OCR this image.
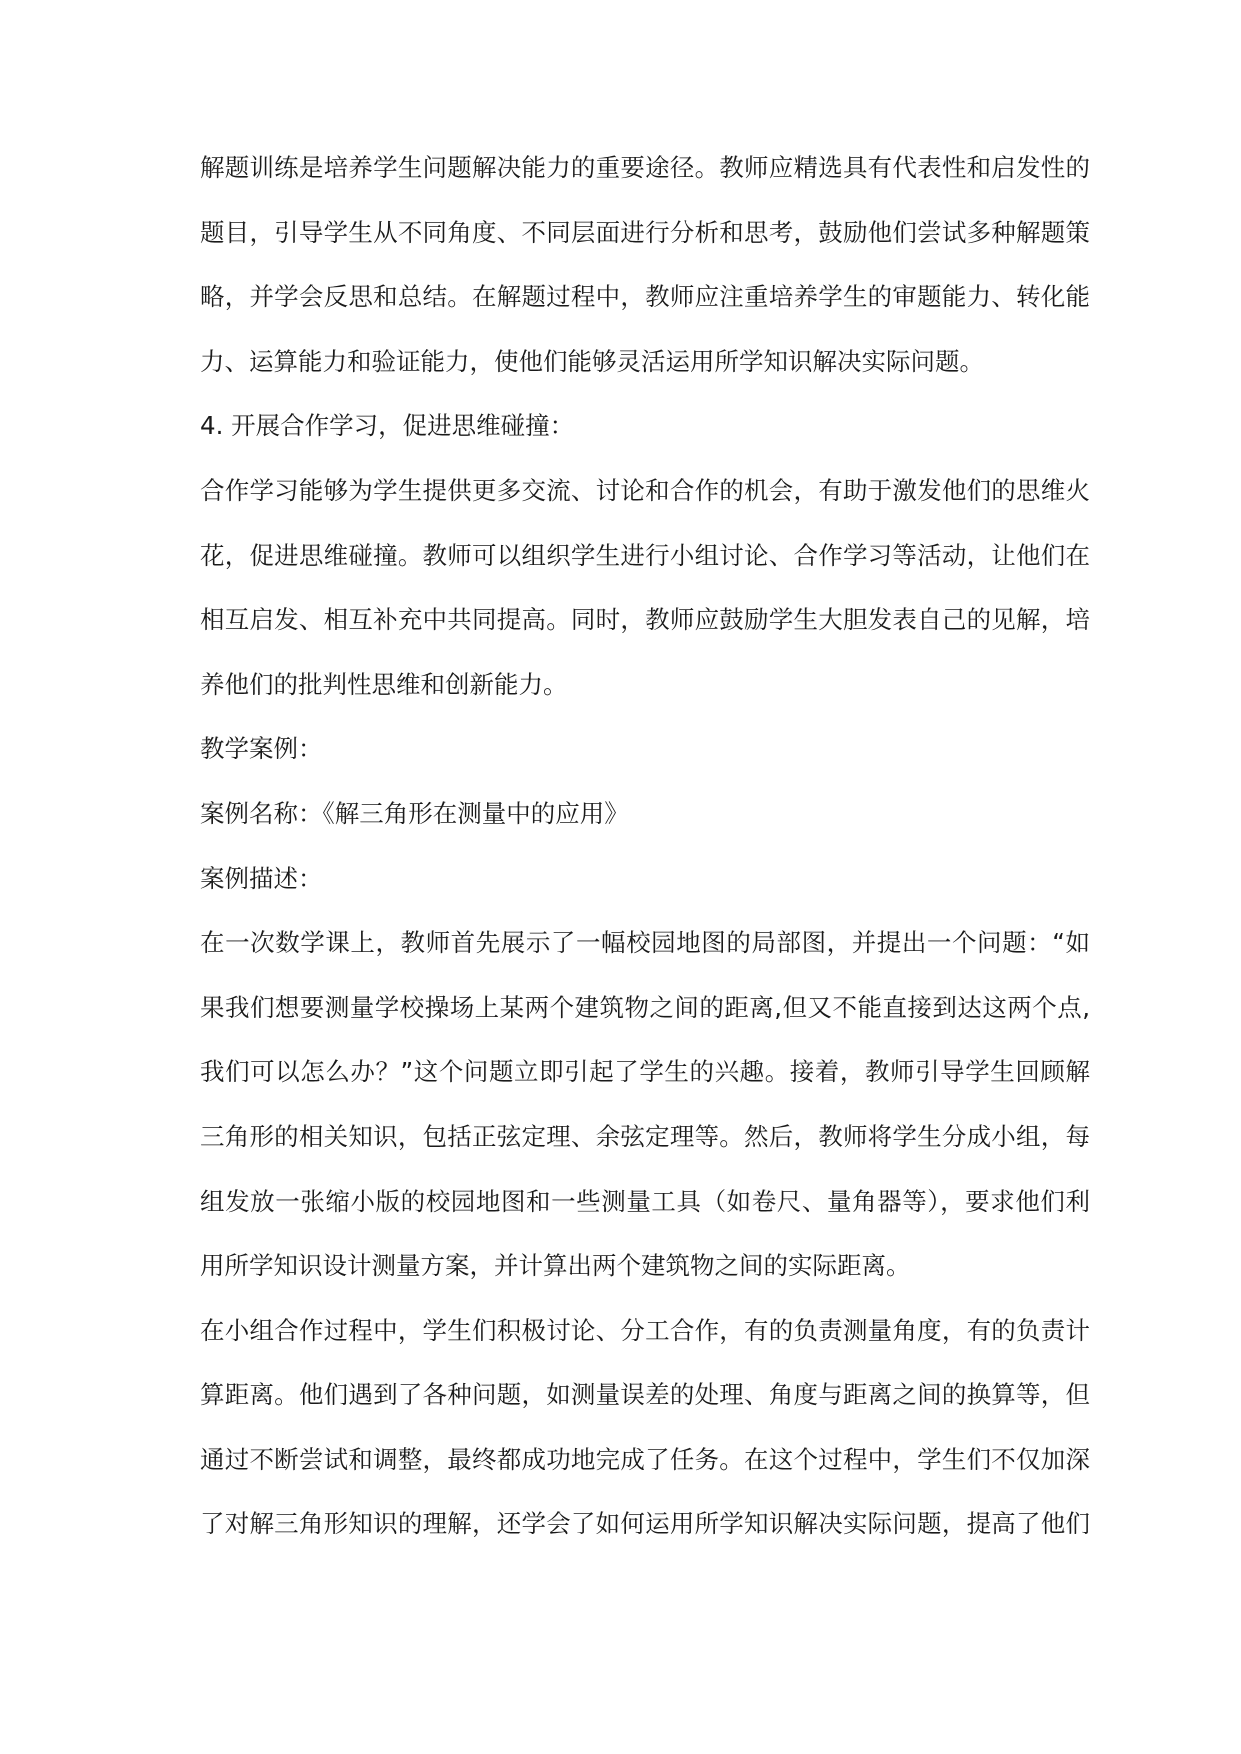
解题训练是培养学生问题解决能力的重要途径。教师应精选具有代表性和启发性的
题目，引导学生从不同角度、不同层面进行分析和思考，鼓励他们尝试多种解题策
略，并学会反思和总结。在解题过程中，教师应注重培养学生的审题能力、转化能
力、运算能力和验证能力，使他们能够灵活运用所学知识解决实际问题。
4. 开展合作学习，促进思维碰撞：
合作学习能够为学生提供更多交流、讨论和合作的机会，有助于激发他们的思维火
花，促进思维碰撞。教师可以组织学生进行小组讨论、合作学习等活动，让他们在
相互启发、相互补充中共同提高。同时，教师应鼓励学生大胆发表自己的见解，培
养他们的批判性思维和创新能力。
教学案例：
案例名称：《解三角形在测量中的应用》
案例描述：
在一次数学课上，教师首先展示了一幅校园地图的局部图，并提出一个问题：“如
果我们想要测量学校操场上某两个建筑物之间的距离,但又不能直接到达这两个点,
我们可以怎么办？”这个问题立即引起了学生的兴趣。接着，教师引导学生回顾解
三角形的相关知识，包括正弦定理、余弦定理等。然后，教师将学生分成小组，每
组发放一张缩小版的校园地图和一些测量工具（如卷尺、量角器等），要求他们利
用所学知识设计测量方案，并计算出两个建筑物之间的实际距离。
在小组合作过程中，学生们积极讨论、分工合作，有的负责测量角度，有的负责计
算距离。他们遇到了各种问题，如测量误差的处理、角度与距离之间的换算等，但
通过不断尝试和调整，最终都成功地完成了任务。在这个过程中，学生们不仅加深
了对解三角形知识的理解，还学会了如何运用所学知识解决实际问题，提高了他们
